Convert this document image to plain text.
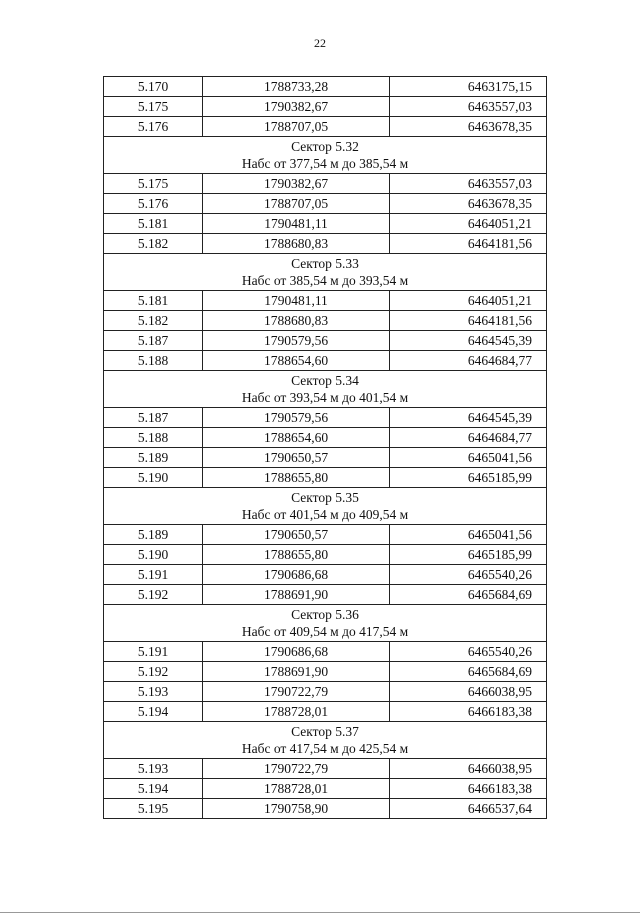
22
5.170	1788733,28	6463175,15
5.175	1790382,67	6463557,03
5.176	1788707,05	6463678,35

Сектор 5.32
Набс от 377,54 м до 385,54 м		

5.175	1790382,67	6463557,03
5.176	1788707,05	6463678,35
5.181	1790481,11	6464051,21
5.182	1788680,83	6464181,56

Сектор 5.33
Набс от 385,54 м до 393,54 м		

5.181	1790481,11	6464051,21
5.182	1788680,83	6464181,56
5.187	1790579,56	6464545,39
5.188	1788654,60	6464684,77

Сектор 5.34
Набс от 393,54 м до 401,54 м		

5.187	1790579,56	6464545,39
5.188	1788654,60	6464684,77
5.189	1790650,57	6465041,56
5.190	1788655,80	6465185,99

Сектор 5.35
Набс от 401,54 м до 409,54 м		

5.189	1790650,57	6465041,56
5.190	1788655,80	6465185,99
5.191	1790686,68	6465540,26
5.192	1788691,90	6465684,69

Сектор 5.36
Набс от 409,54 м до 417,54 м		

5.191	1790686,68	6465540,26
5.192	1788691,90	6465684,69
5.193	1790722,79	6466038,95
5.194	1788728,01	6466183,38

Сектор 5.37
Набс от 417,54 м до 425,54 м		

5.193	1790722,79	6466038,95
5.194	1788728,01	6466183,38
5.195	1790758,90	6466537,64
